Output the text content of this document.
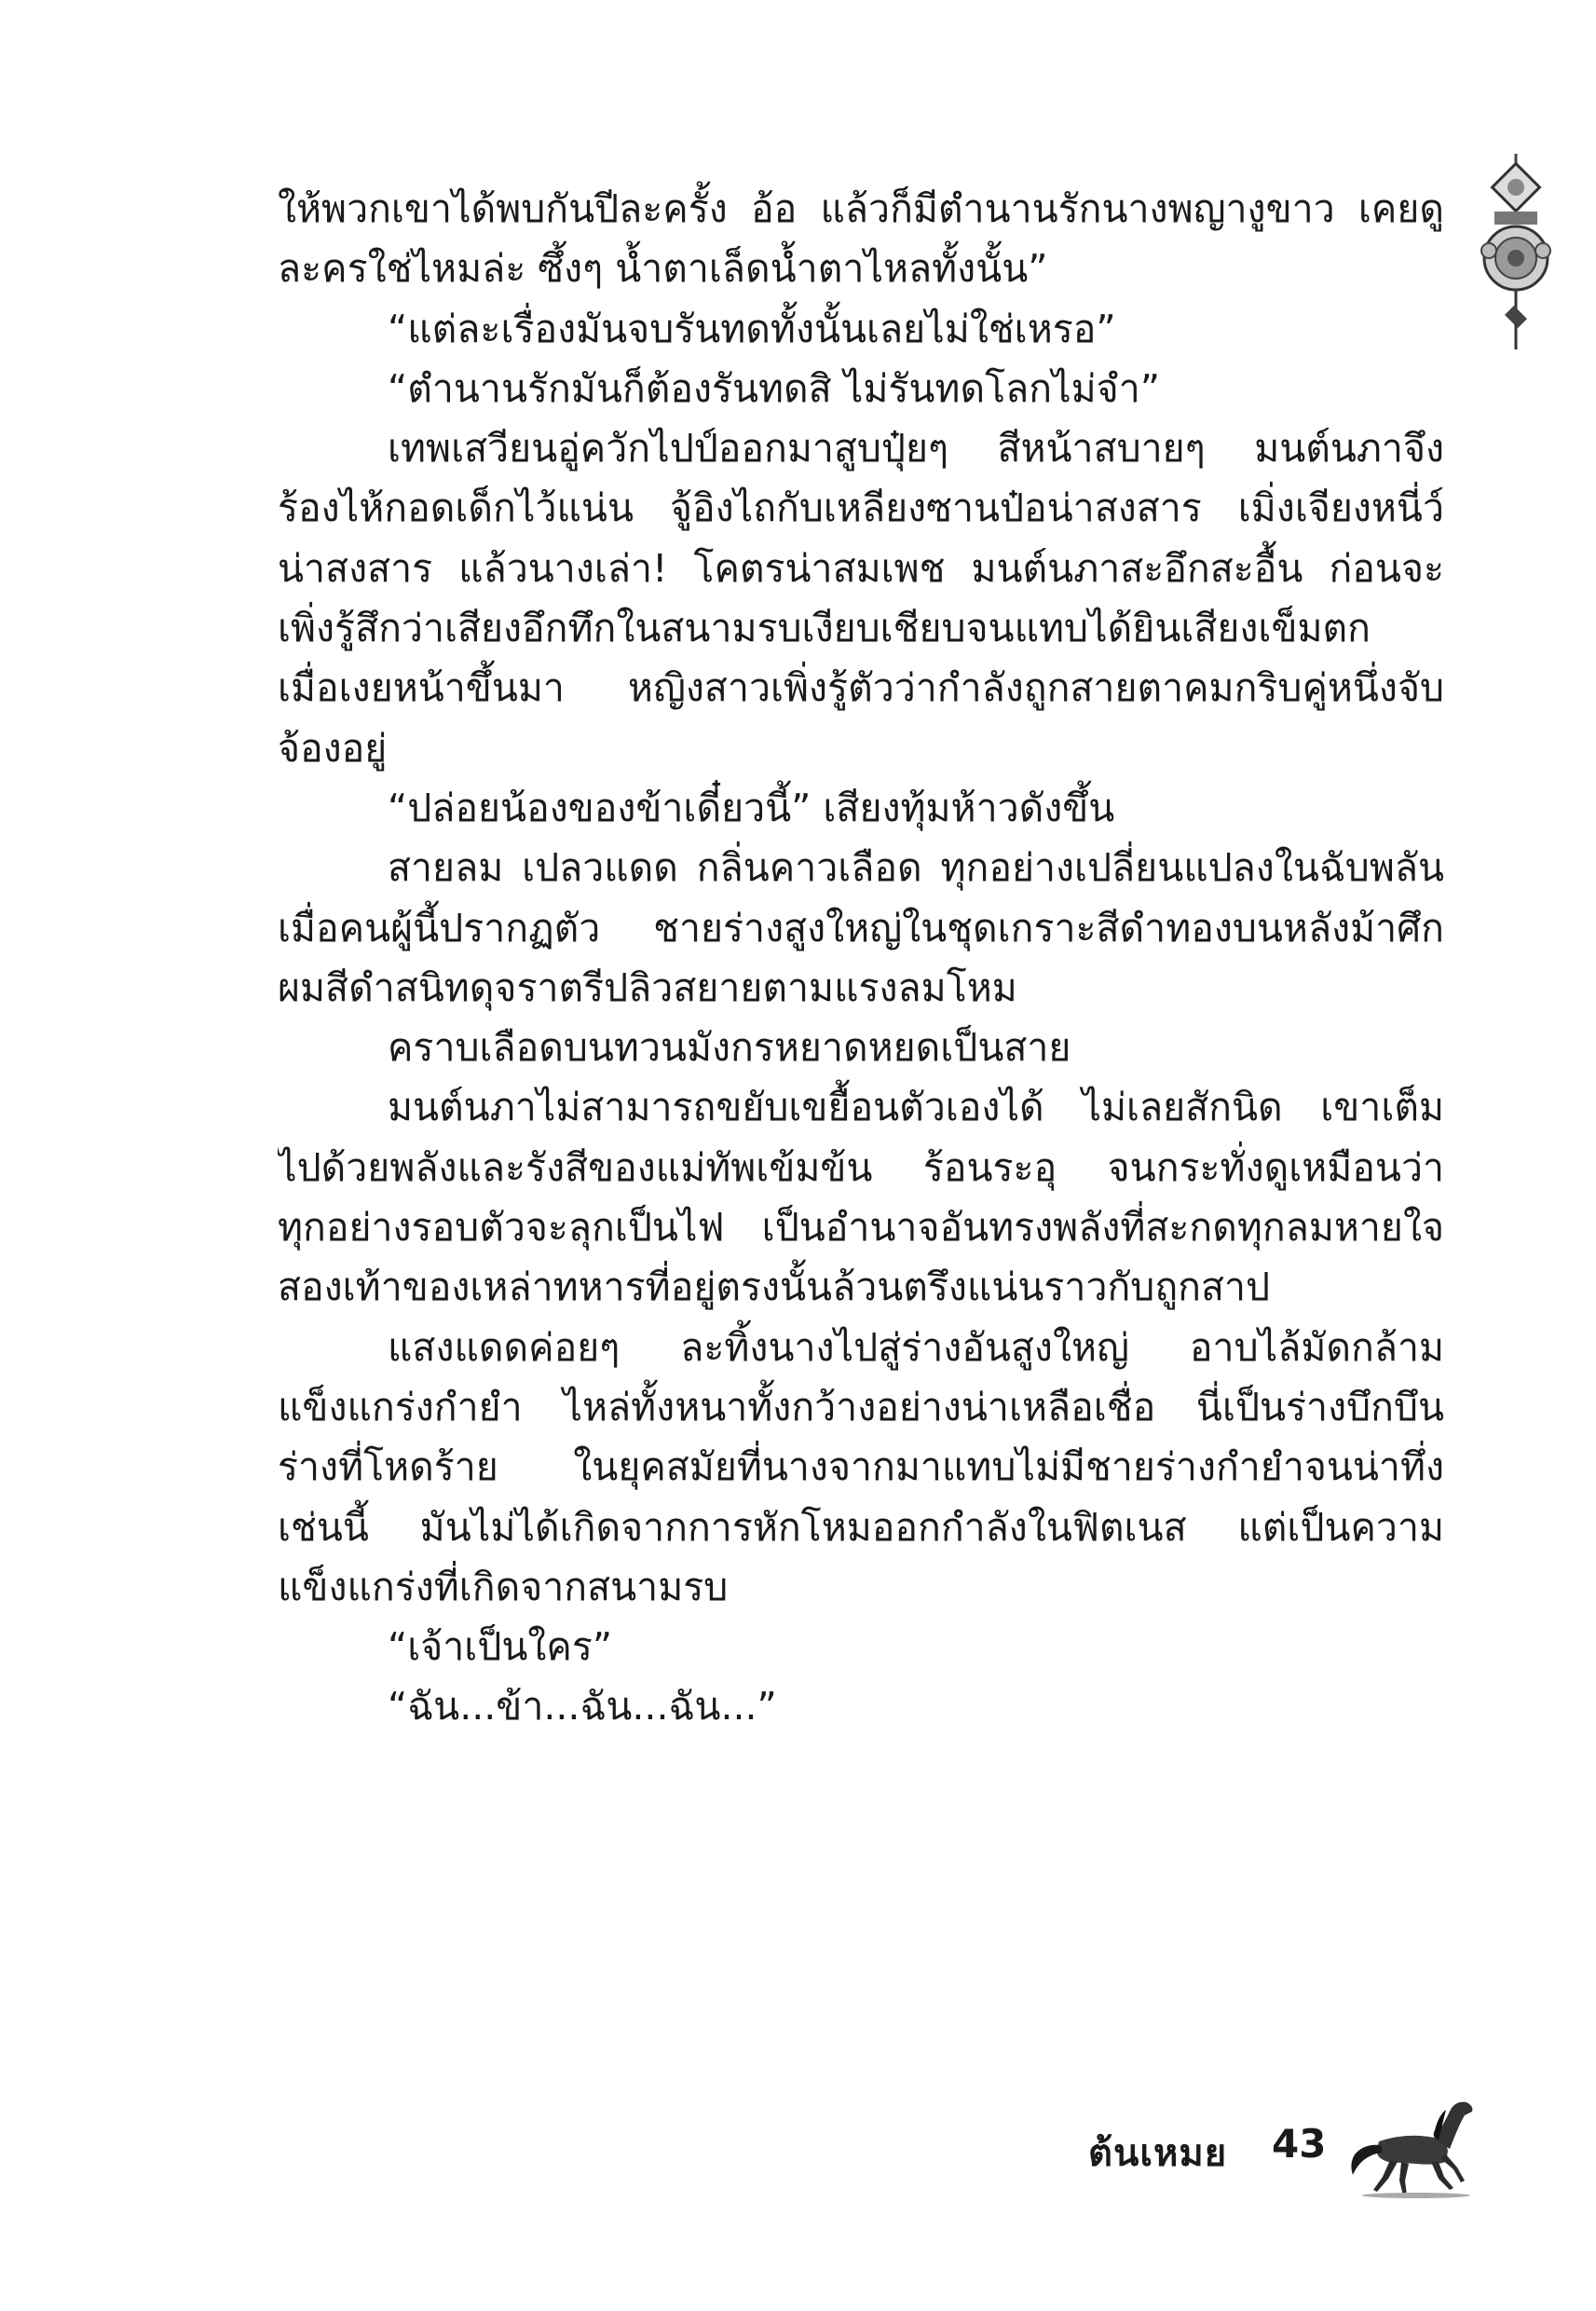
ให้พวกเขาได้พบกันปีละครั้ง อ้อ แล้วก็มีตำนานรักนางพญางูขาว เคยดู
ละครใช่ไหมล่ะ ซึ้งๆ น้ำตาเล็ดน้ำตาไหลทั้งนั้น”
“แต่ละเรื่องมันจบรันทดทั้งนั้นเลยไม่ใช่เหรอ”
“ตำนานรักมันก็ต้องรันทดสิ ไม่รันทดโลกไม่จำ”
เทพเสวียนอู่ควักไปป์ออกมาสูบปุ๋ยๆ สีหน้าสบายๆ มนต์นภาจึง
ร้องไห้กอดเด็กไว้แน่น จู้อิงไถกับเหลียงซานป๋อน่าสงสาร เมิ่งเจียงหนี่ว์
น่าสงสาร แล้วนางเล่า! โคตรน่าสมเพช มนต์นภาสะอึกสะอื้น ก่อนจะ
เพิ่งรู้สึกว่าเสียงอึกทึกในสนามรบเงียบเชียบจนแทบได้ยินเสียงเข็มตก
เมื่อเงยหน้าขึ้นมา หญิงสาวเพิ่งรู้ตัวว่ากำลังถูกสายตาคมกริบคู่หนึ่งจับ
จ้องอยู่
“ปล่อยน้องของข้าเดี๋ยวนี้” เสียงทุ้มห้าวดังขึ้น
สายลม เปลวแดด กลิ่นคาวเลือด ทุกอย่างเปลี่ยนแปลงในฉับพลัน
เมื่อคนผู้นี้ปรากฏตัว ชายร่างสูงใหญ่ในชุดเกราะสีดำทองบนหลังม้าศึก
ผมสีดำสนิทดุจราตรีปลิวสยายตามแรงลมโหม
คราบเลือดบนทวนมังกรหยาดหยดเป็นสาย
มนต์นภาไม่สามารถขยับเขยื้อนตัวเองได้ ไม่เลยสักนิด เขาเต็ม
ไปด้วยพลังและรังสีของแม่ทัพเข้มข้น ร้อนระอุ จนกระทั่งดูเหมือนว่า
ทุกอย่างรอบตัวจะลุกเป็นไฟ เป็นอำนาจอันทรงพลังที่สะกดทุกลมหายใจ
สองเท้าของเหล่าทหารที่อยู่ตรงนั้นล้วนตรึงแน่นราวกับถูกสาป
แสงแดดค่อยๆ ละทิ้งนางไปสู่ร่างอันสูงใหญ่ อาบไล้มัดกล้าม
แข็งแกร่งกำยำ ไหล่ทั้งหนาทั้งกว้างอย่างน่าเหลือเชื่อ นี่เป็นร่างบึกบึน
ร่างที่โหดร้าย ในยุคสมัยที่นางจากมาแทบไม่มีชายร่างกำยำจนน่าทึ่ง
เช่นนี้ มันไม่ได้เกิดจากการหักโหมออกกำลังในฟิตเนส แต่เป็นความ
แข็งแกร่งที่เกิดจากสนามรบ
“เจ้าเป็นใคร”
“ฉัน...ข้า...ฉัน...ฉัน...”
ต้นเหมย 43
